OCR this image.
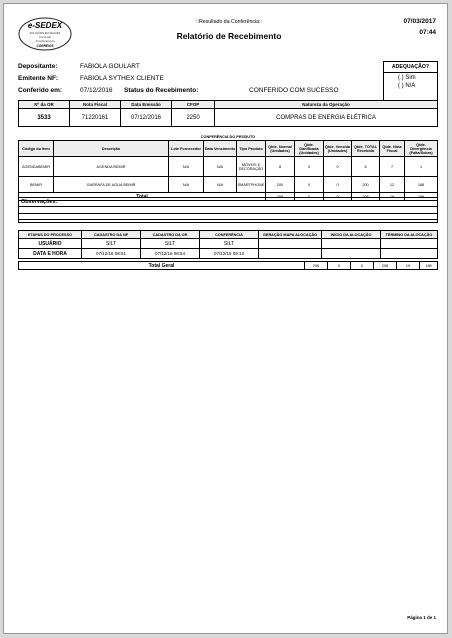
e-SEDEX
SOLUÇÕES EM SEGURA
Comercial
Armazenamento
CORREIOS
::Resultado da Conferência::
Relatório de Recebimento
07/03/2017
07:44
Depositante:	FABIOLA GOULART
Emitente NF:	FABIOLA SYTHEX CLIENTE
Conferido em:	07/12/2016 Status do Recebimento:	CONFERIDO COM SUCESSO
ADEQUAÇÃO?
( ) Sim
( ) N/A
Nº da OR	Nota Fiscal	Data Emissão	CFOP	Natureza da Operação
3533	71220161	07/12/2016	2250	COMPRAS DE ENERGIA ELÉTRICA
CONFERÊNCIA DO PRODUTO
Código do Item	Descrição	Lote Fornecedor	Data Vencimento	Tipo Produto	Qtde. Normal (Unidades)	Qtde. Danificada (Unidades)	Qtde. Vencida (Unidades)	Qtde. TOTAL Recebida	Qtde. Nota Fiscal	Qtde. Divergência (Falta/Sobra)
AGENDABEMIR	AGENDA BEMIR	N/A	N/A	MÓVEIS E DECORAÇÃO	8	0	0	8	7	1
BEMIR	GARRAFA DE AGUA BEMIR	N/A	N/A	SMARTPHONE	200	0	0	200	12	188
Total					208	0	0	208	19	189
Observações:
ETAPAS DO PROCESSO	CADASTRO DA NF	CADASTRO DA OR	CONFERÊNCIA	GERAÇÃO MAPA ALOCAÇÃO	INÍCIO DA ALOCAÇÃO	TÉRMINO DA ALOCAÇÃO
USUÁRIO	SILT	SILT	SILT			
DATA E HORA	07/12/16 08:51	07/12/16 08:54	07/12/16 09:13			
Total Geral	208	0	0	208	19	189
Página 1 de 1
